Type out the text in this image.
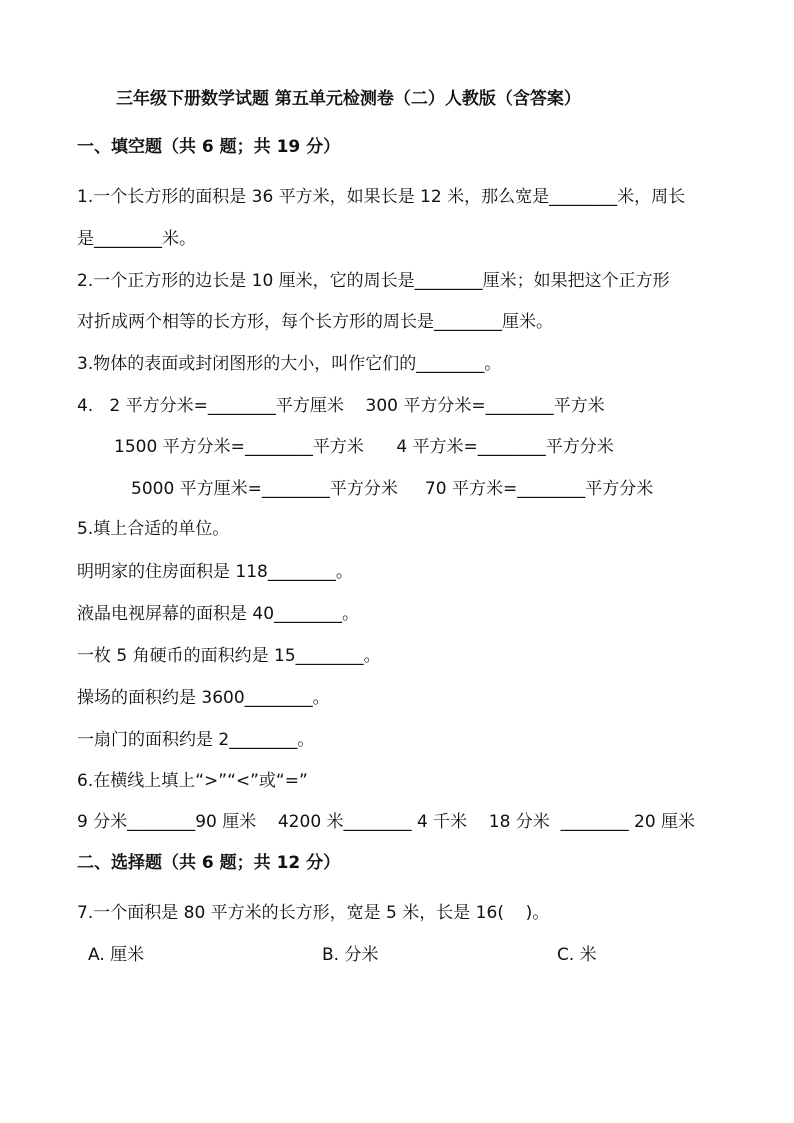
三年级下册数学试题 第五单元检测卷（二）人教版（含答案）
一、填空题（共 6 题；共 19 分）
1.一个长方形的面积是 36 平方米，如果长是 12 米，那么宽是________米，周长
是________米。
2.一个正方形的边长是 10 厘米，它的周长是________厘米；如果把这个正方形
对折成两个相等的长方形，每个长方形的周长是________厘米。
3.物体的表面或封闭图形的大小，叫作它们的________。
4.   2 平方分米=________平方厘米    300 平方分米=________平方米
1500 平方分米=________平方米      4 平方米=________平方分米
5000 平方厘米=________平方分米     70 平方米=________平方分米
5.填上合适的单位。
明明家的住房面积是 118________。
液晶电视屏幕的面积是 40________。
一枚 5 角硬币的面积约是 15________。
操场的面积约是 3600________。
一扇门的面积约是 2________。
6.在横线上填上“>”“<”或“=”
9 分米________90 厘米    4200 米________ 4 千米    18 分米  ________ 20 厘米
二、选择题（共 6 题；共 12 分）
7.一个面积是 80 平方米的长方形，宽是 5 米，长是 16(    )。
A. 厘米	B. 分米	C. 米
